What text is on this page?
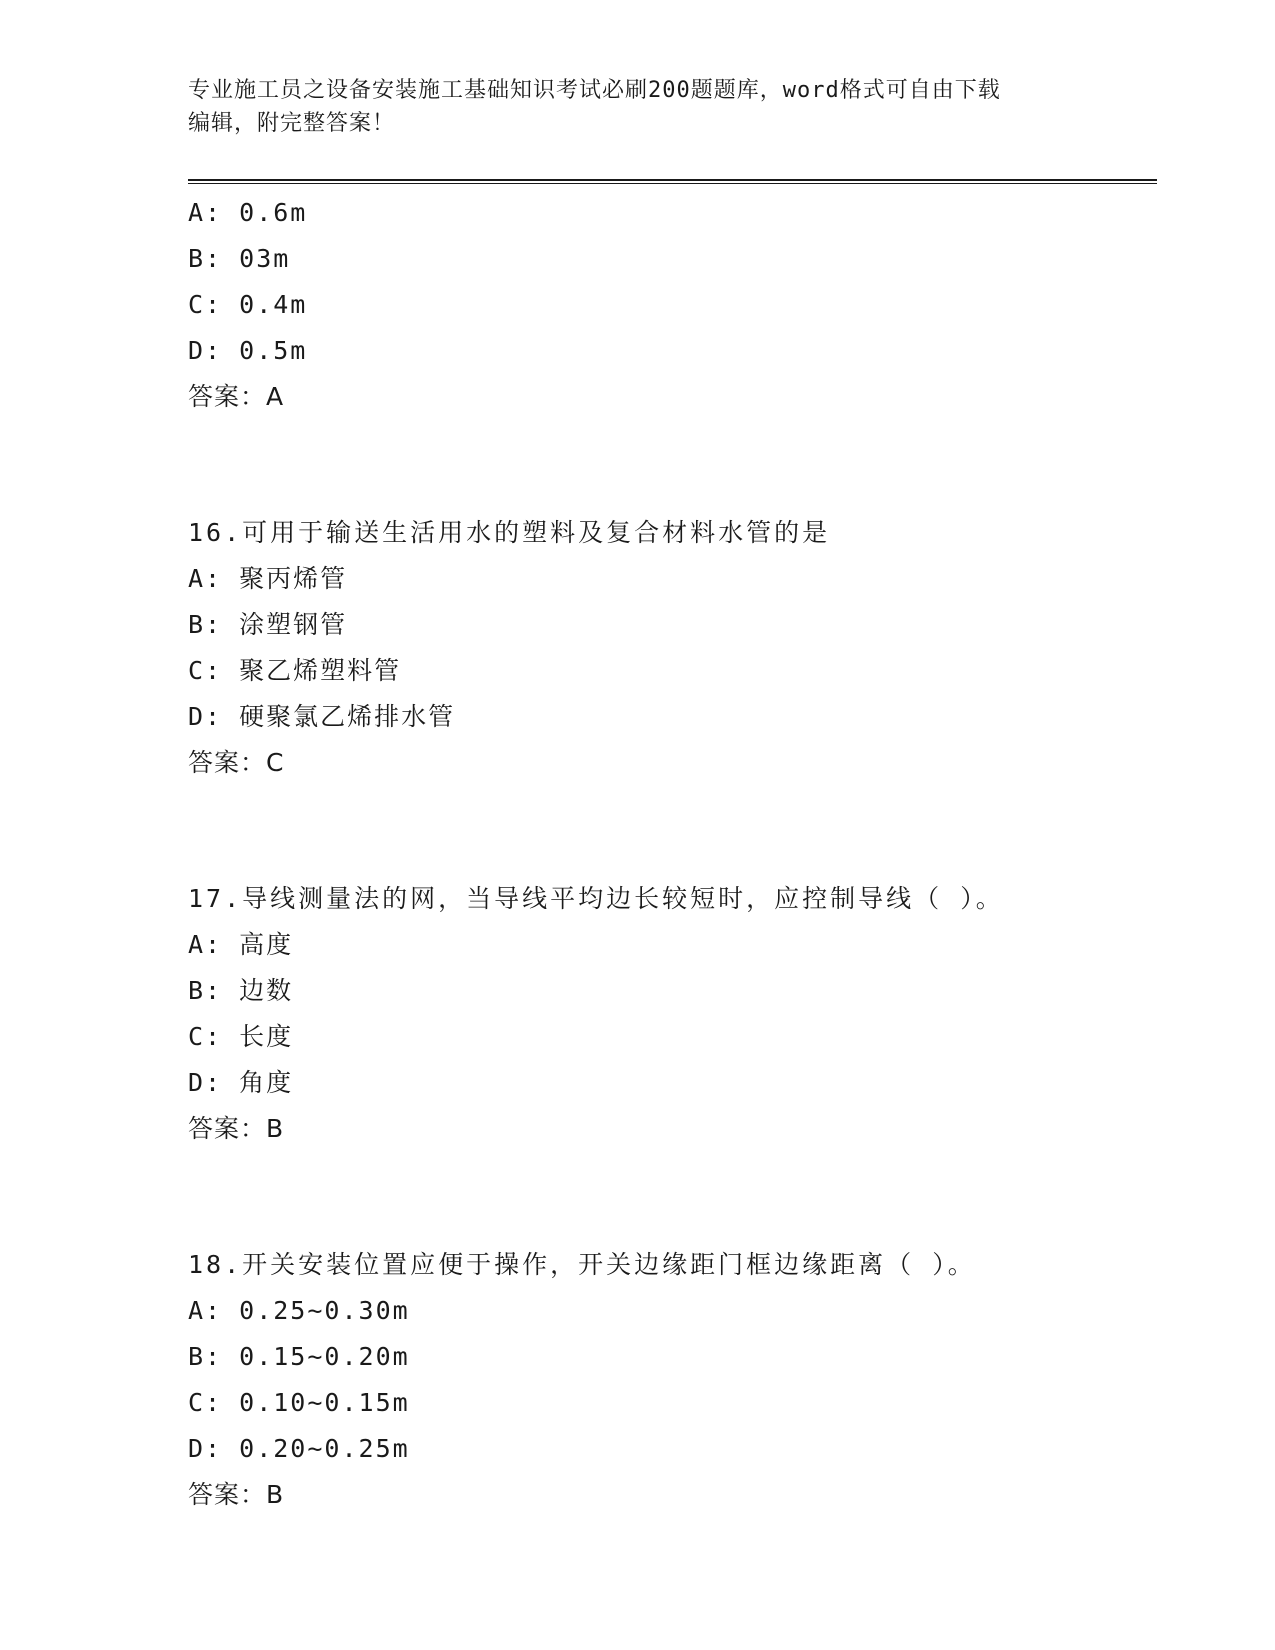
专业施工员之设备安装施工基础知识考试必刷200题题库，word格式可自由下载
编辑，附完整答案！
A: 0.6m
B: 03m
C: 0.4m
D: 0.5m
答案：A
16.可用于输送生活用水的塑料及复合材料水管的是
A: 聚丙烯管
B: 涂塑钢管
C: 聚乙烯塑料管
D: 硬聚氯乙烯排水管
答案：C
17.导线测量法的网，当导线平均边长较短时，应控制导线（ ）。
A: 高度
B: 边数
C: 长度
D: 角度
答案：B
18.开关安装位置应便于操作，开关边缘距门框边缘距离（ ）。
A: 0.25~0.30m
B: 0.15~0.20m
C: 0.10~0.15m
D: 0.20~0.25m
答案：B
